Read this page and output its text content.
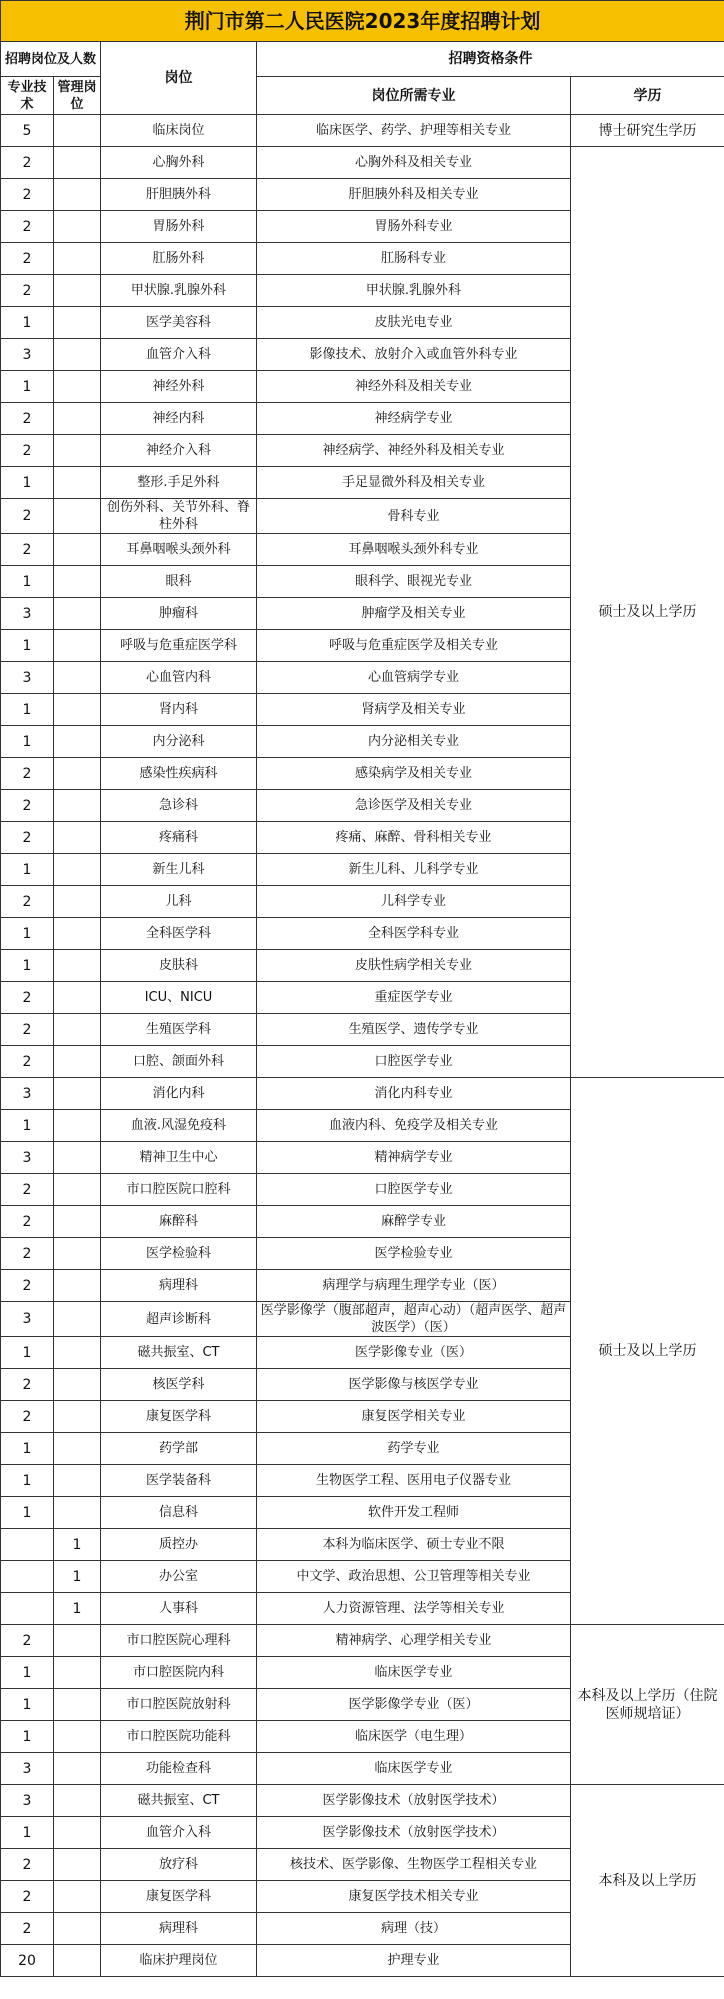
荆门市第二人民医院2023年度招聘计划				
招聘岗位及人数		岗位	招聘资格条件	
专业技术	管理岗位		岗位所需专业	学历
5		临床岗位	临床医学、药学、护理等相关专业	博士研究生学历
2		心胸外科	心胸外科及相关专业	硕士及以上学历
2		肝胆胰外科	肝胆胰外科及相关专业	
2		胃肠外科	胃肠外科专业	
2		肛肠外科	肛肠科专业	
2		甲状腺.乳腺外科	甲状腺.乳腺外科	
1		医学美容科	皮肤光电专业	
3		血管介入科	影像技术、放射介入或血管外科专业	
1		神经外科	神经外科及相关专业	
2		神经内科	神经病学专业	
2		神经介入科	神经病学、神经外科及相关专业	
1		整形.手足外科	手足显微外科及相关专业	
2		创伤外科、关节外科、脊柱外科	骨科专业	
2		耳鼻咽喉头颈外科	耳鼻咽喉头颈外科专业	
1		眼科	眼科学、眼视光专业	
3		肿瘤科	肿瘤学及相关专业	
1		呼吸与危重症医学科	呼吸与危重症医学及相关专业	
3		心血管内科	心血管病学专业	
1		肾内科	肾病学及相关专业	
1		内分泌科	内分泌相关专业	
2		感染性疾病科	感染病学及相关专业	
2		急诊科	急诊医学及相关专业	
2		疼痛科	疼痛、麻醉、骨科相关专业	
1		新生儿科	新生儿科、儿科学专业	
2		儿科	儿科学专业	
1		全科医学科	全科医学科专业	
1		皮肤科	皮肤性病学相关专业	
2		ICU、NICU	重症医学专业	
2		生殖医学科	生殖医学、遗传学专业	
2		口腔、颌面外科	口腔医学专业	
3		消化内科	消化内科专业	硕士及以上学历
1		血液.风湿免疫科	血液内科、免疫学及相关专业	
3		精神卫生中心	精神病学专业	
2		市口腔医院口腔科	口腔医学专业	
2		麻醉科	麻醉学专业	
2		医学检验科	医学检验专业	
2		病理科	病理学与病理生理学专业（医）	
3		超声诊断科	医学影像学（腹部超声，超声心动）（超声医学、超声波医学）（医）	
1		磁共振室、CT	医学影像专业（医）	
2		核医学科	医学影像与核医学专业	
2		康复医学科	康复医学相关专业	
1		药学部	药学专业	
1		医学装备科	生物医学工程、医用电子仪器专业	
1		信息科	软件开发工程师	
	1	质控办	本科为临床医学、硕士专业不限	
	1	办公室	中文学、政治思想、公卫管理等相关专业	
	1	人事科	人力资源管理、法学等相关专业	
2		市口腔医院心理科	精神病学、心理学相关专业	本科及以上学历（住院医师规培证）
1		市口腔医院内科	临床医学专业	
1		市口腔医院放射科	医学影像学专业（医）	
1		市口腔医院功能科	临床医学（电生理）	
3		功能检查科	临床医学专业	
3		磁共振室、CT	医学影像技术（放射医学技术）	本科及以上学历
1		血管介入科	医学影像技术（放射医学技术）	
2		放疗科	核技术、医学影像、生物医学工程相关专业	
2		康复医学科	康复医学技术相关专业	
2		病理科	病理（技）	
20		临床护理岗位	护理专业	
